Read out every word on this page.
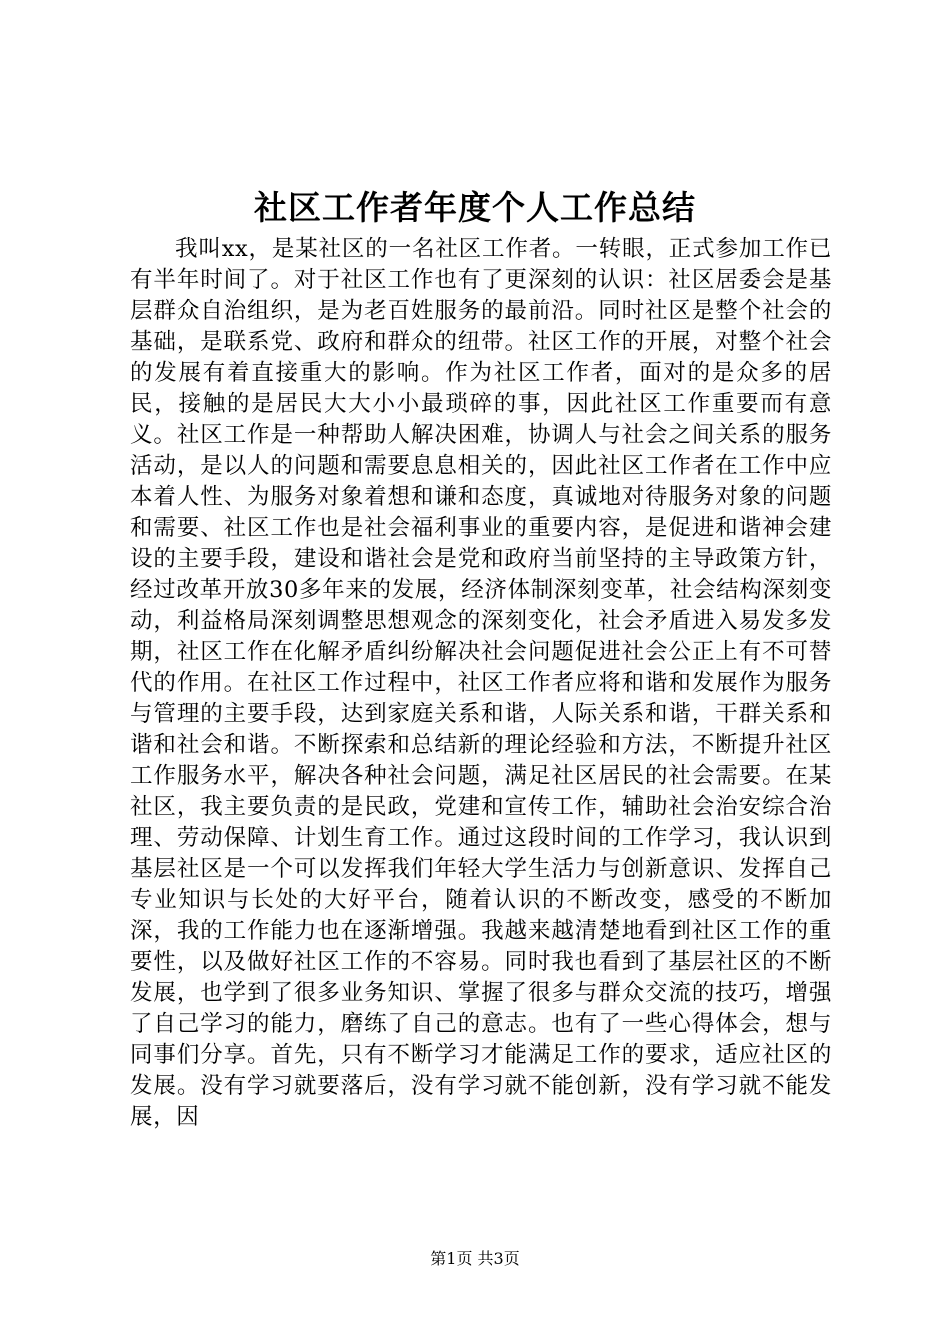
社区工作者年度个人工作总结

我叫xx，是某社区的一名社区工作者。一转眼，正式参加工作已有半年时间了。对于社区工作也有了更深刻的认识：社区居委会是基层群众自治组织，是为老百姓服务的最前沿。同时社区是整个社会的基础，是联系党、政府和群众的纽带。社区工作的开展，对整个社会的发展有着直接重大的影响。作为社区工作者，面对的是众多的居民，接触的是居民大大小小最琐碎的事，因此社区工作重要而有意义。社区工作是一种帮助人解决困难，协调人与社会之间关系的服务活动，是以人的问题和需要息息相关的，因此社区工作者在工作中应本着人性、为服务对象着想和谦和态度，真诚地对待服务对象的问题和需要、社区工作也是社会福利事业的重要内容，是促进和谐神会建设的主要手段，建设和谐社会是党和政府当前坚持的主导政策方针，经过改革开放30多年来的发展，经济体制深刻变革，社会结构深刻变动，利益格局深刻调整思想观念的深刻变化，社会矛盾进入易发多发期，社区工作在化解矛盾纠纷解决社会问题促进社会公正上有不可替代的作用。在社区工作过程中，社区工作者应将和谐和发展作为服务与管理的主要手段，达到家庭关系和谐，人际关系和谐，干群关系和谐和社会和谐。不断探索和总结新的理论经验和方法，不断提升社区工作服务水平，解决各种社会问题，满足社区居民的社会需要。在某社区，我主要负责的是民政，党建和宣传工作，辅助社会治安综合治理、劳动保障、计划生育工作。通过这段时间的工作学习，我认识到基层社区是一个可以发挥我们年轻大学生活力与创新意识、发挥自己专业知识与长处的大好平台，随着认识的不断改变，感受的不断加深，我的工作能力也在逐渐增强。我越来越清楚地看到社区工作的重要性，以及做好社区工作的不容易。同时我也看到了基层社区的不断发展，也学到了很多业务知识、掌握了很多与群众交流的技巧，增强了自己学习的能力，磨练了自己的意志。也有了一些心得体会，想与同事们分享。首先，只有不断学习才能满足工作的要求，适应社区的发展。没有学习就要落后，没有学习就不能创新，没有学习就不能发展，因

第1页 共3页
